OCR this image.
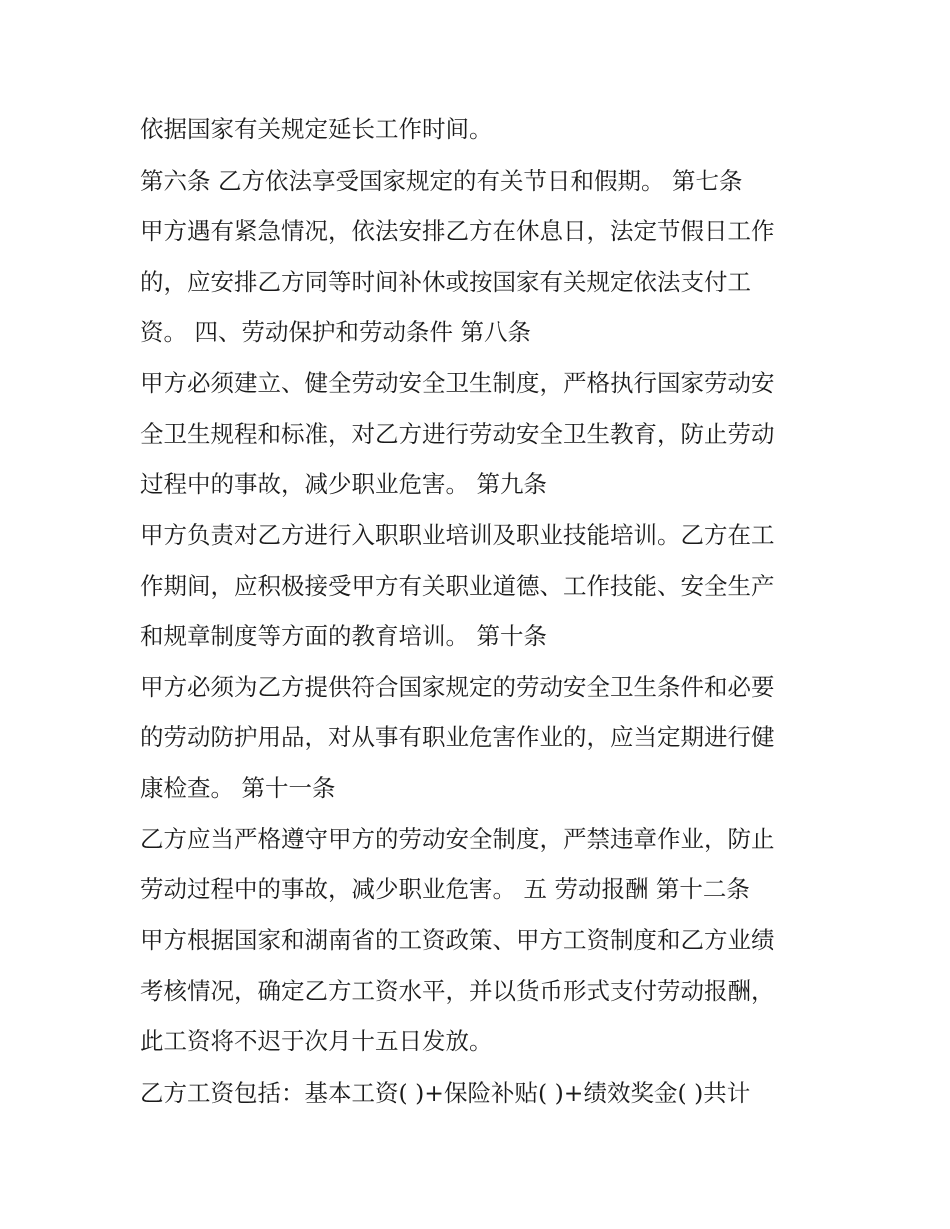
依据国家有关规定延长工作时间。
第六条 乙方依法享受国家规定的有关节日和假期。 第七条
甲方遇有紧急情况，依法安排乙方在休息日，法定节假日工作
的，应安排乙方同等时间补休或按国家有关规定依法支付工
资。 四、劳动保护和劳动条件 第八条
甲方必须建立、健全劳动安全卫生制度，严格执行国家劳动安
全卫生规程和标准，对乙方进行劳动安全卫生教育，防止劳动
过程中的事故，减少职业危害。 第九条
甲方负责对乙方进行入职职业培训及职业技能培训。乙方在工
作期间，应积极接受甲方有关职业道德、工作技能、安全生产
和规章制度等方面的教育培训。 第十条
甲方必须为乙方提供符合国家规定的劳动安全卫生条件和必要
的劳动防护用品，对从事有职业危害作业的，应当定期进行健
康检查。 第十一条
乙方应当严格遵守甲方的劳动安全制度，严禁违章作业，防止
劳动过程中的事故，减少职业危害。 五 劳动报酬 第十二条
甲方根据国家和湖南省的工资政策、甲方工资制度和乙方业绩
考核情况，确定乙方工资水平，并以货币形式支付劳动报酬，
此工资将不迟于次月十五日发放。
乙方工资包括：基本工资( )+保险补贴( )+绩效奖金( )共计
